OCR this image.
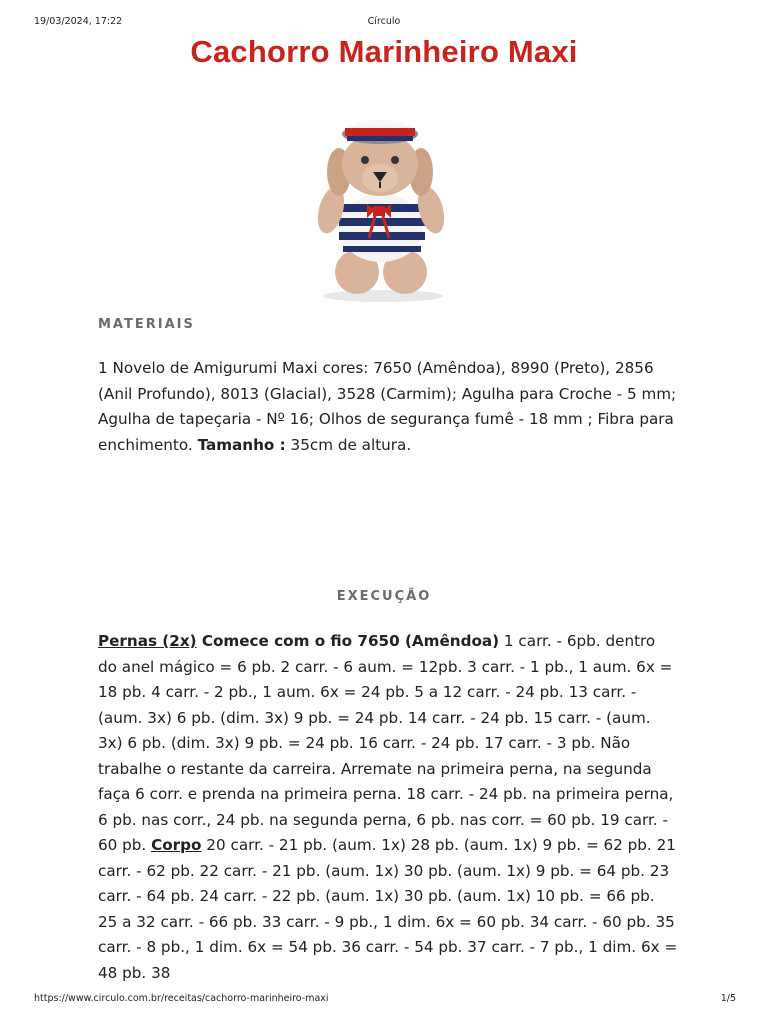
19/03/2024, 17:22	Círculo
Cachorro Marinheiro Maxi
MATERIAIS

1 Novelo de Amigurumi Maxi cores: 7650 (Amêndoa), 8990 (Preto), 2856 (Anil Profundo), 8013 (Glacial), 3528 (Carmim); Agulha para Croche - 5 mm; Agulha de tapeçaria - Nº 16; Olhos de segurança fumê - 18 mm ; Fibra para enchimento. Tamanho : 35cm de altura.

EXECUÇÃO

Pernas (2x) Comece com o fio 7650 (Amêndoa) 1 carr. - 6pb. dentro do anel mágico = 6 pb. 2 carr. - 6 aum. = 12pb. 3 carr. - 1 pb., 1 aum. 6x = 18 pb. 4 carr. - 2 pb., 1 aum. 6x = 24 pb. 5 a 12 carr. - 24 pb. 13 carr. - (aum. 3x) 6 pb. (dim. 3x) 9 pb. = 24 pb. 14 carr. - 24 pb. 15 carr. - (aum. 3x) 6 pb. (dim. 3x) 9 pb. = 24 pb. 16 carr. - 24 pb. 17 carr. - 3 pb. Não trabalhe o restante da carreira. Arremate na primeira perna, na segunda faça 6 corr. e prenda na primeira perna. 18 carr. - 24 pb. na primeira perna, 6 pb. nas corr., 24 pb. na segunda perna, 6 pb. nas corr. = 60 pb. 19 carr. - 60 pb. Corpo 20 carr. - 21 pb. (aum. 1x) 28 pb. (aum. 1x) 9 pb. = 62 pb. 21 carr. - 62 pb. 22 carr. - 21 pb. (aum. 1x) 30 pb. (aum. 1x) 9 pb. = 64 pb. 23 carr. - 64 pb. 24 carr. - 22 pb. (aum. 1x) 30 pb. (aum. 1x) 10 pb. = 66 pb. 25 a 32 carr. - 66 pb. 33 carr. - 9 pb., 1 dim. 6x = 60 pb. 34 carr. - 60 pb. 35 carr. - 8 pb., 1 dim. 6x = 54 pb. 36 carr. - 54 pb. 37 carr. - 7 pb., 1 dim. 6x = 48 pb. 38

https://www.circulo.com.br/receitas/cachorro-marinheiro-maxi	1/5
